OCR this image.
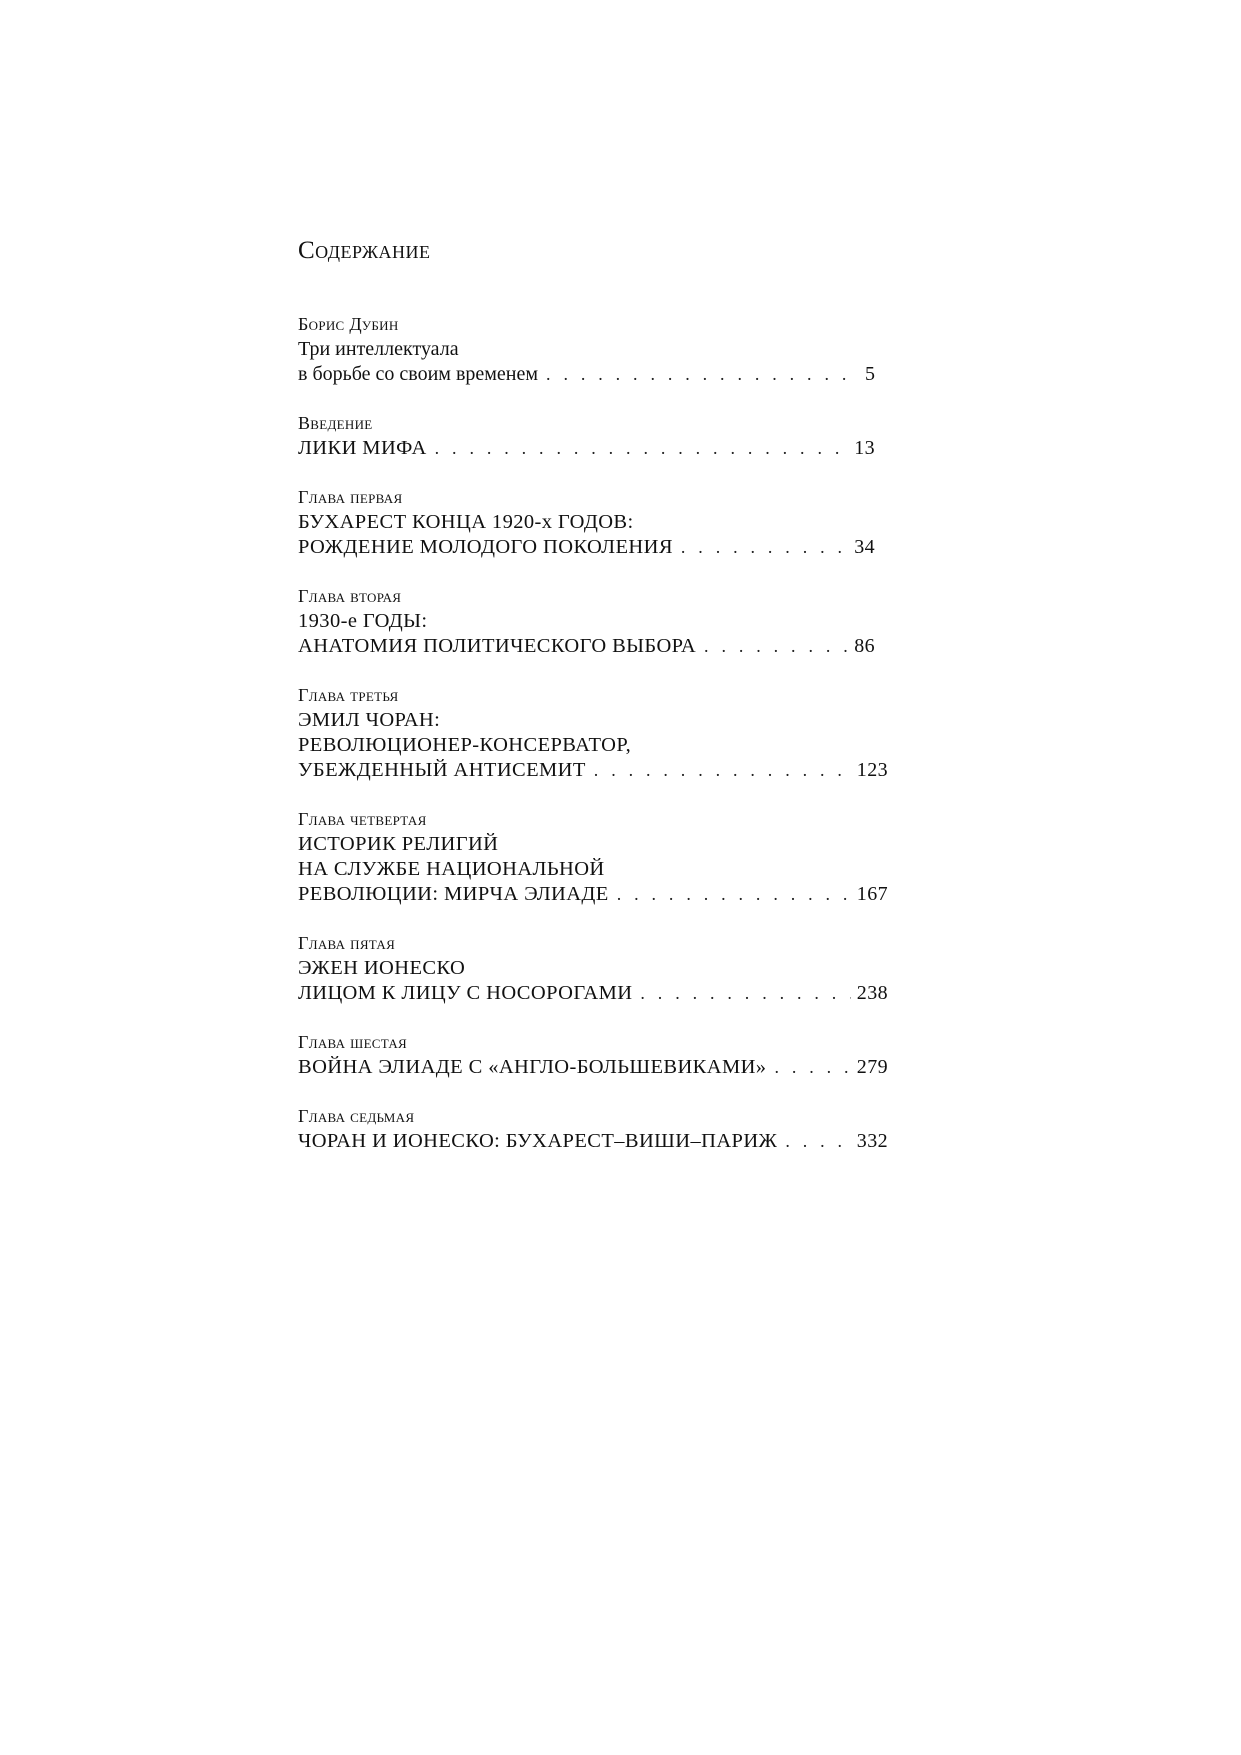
Содержание
Борис Дубин
Три интеллектуала
в борьбе со своим временем . . .	5
Введение
ЛИКИ МИФА . . .	13
Глава первая
БУХАРЕСТ КОНЦА 1920-х ГОДОВ:
РОЖДЕНИЕ МОЛОДОГО ПОКОЛЕНИЯ . . .	34
Глава вторая
1930-е ГОДЫ:
АНАТОМИЯ ПОЛИТИЧЕСКОГО ВЫБОРА . . .	86
Глава третья
ЭМИЛ ЧОРАН:
РЕВОЛЮЦИОНЕР-КОНСЕРВАТОР,
УБЕЖДЕННЫЙ АНТИСЕМИТ . . .	123
Глава четвертая
ИСТОРИК РЕЛИГИЙ
НА СЛУЖБЕ НАЦИОНАЛЬНОЙ
РЕВОЛЮЦИИ: МИРЧА ЭЛИАДЕ . . .	167
Глава пятая
ЭЖЕН ИОНЕСКО
ЛИЦОМ К ЛИЦУ С НОСОРОГАМИ . . .	238
Глава шестая
ВОЙНА ЭЛИАДЕ С «АНГЛО-БОЛЬШЕВИКАМИ» . . .	279
Глава седьмая
ЧОРАН И ИОНЕСКО: БУХАРЕСТ–ВИШИ–ПАРИЖ . . .	332
